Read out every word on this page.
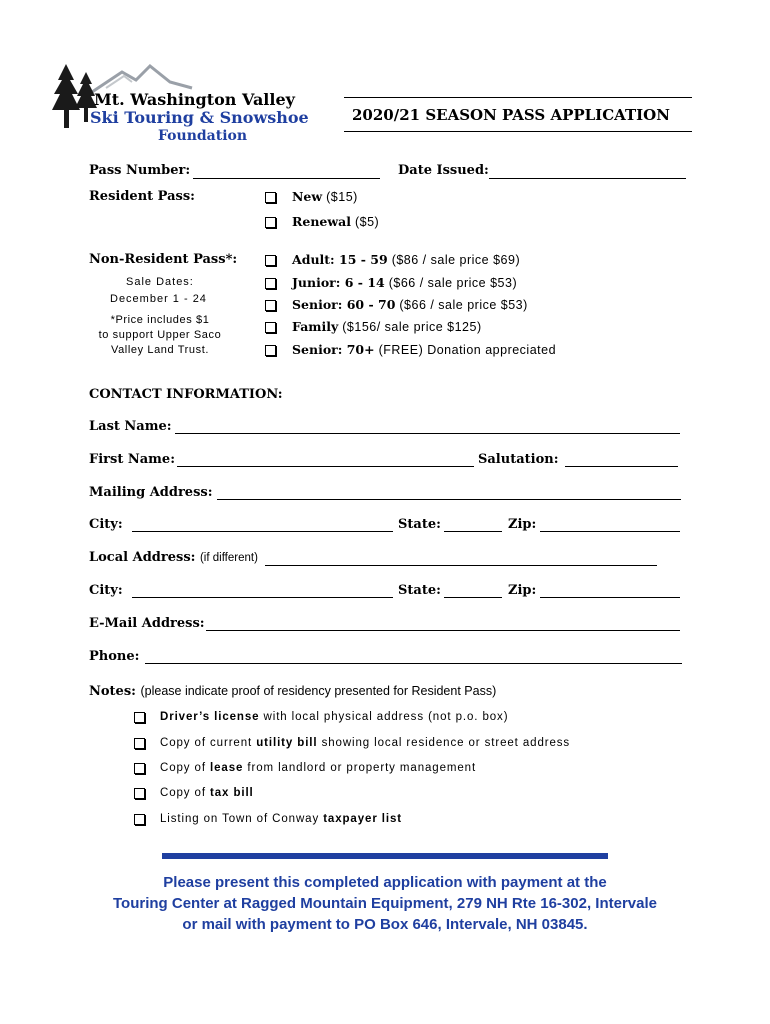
Mt. Washington Valley
Ski Touring & Snowshoe
Foundation
2020/21 SEASON PASS APPLICATION
Pass Number:	Date Issued:
Resident Pass:	New ($15)
Renewal ($5)
Non-Resident Pass*:
Sale Dates:
December 1 - 24
*Price includes $1
to support Upper Saco
Valley Land Trust.
Adult: 15 - 59 ($86 / sale price $69)
Junior: 6 - 14 ($66 / sale price $53)
Senior: 60 - 70 ($66 / sale price $53)
Family ($156/ sale price $125)
Senior: 70+ (FREE) Donation appreciated
CONTACT INFORMATION:
Last Name:
First Name:	Salutation:
Mailing Address:
City:	State:	Zip:
Local Address: (if different)
City:	State:	Zip:
E-Mail Address:
Phone:
Notes: (please indicate proof of residency presented for Resident Pass)
Driver’s license with local physical address (not p.o. box)
Copy of current utility bill showing local residence or street address
Copy of lease from landlord or property management
Copy of tax bill
Listing on Town of Conway taxpayer list
Please present this completed application with payment at the
Touring Center at Ragged Mountain Equipment, 279 NH Rte 16-302, Intervale
or mail with payment to PO Box 646, Intervale, NH 03845.
